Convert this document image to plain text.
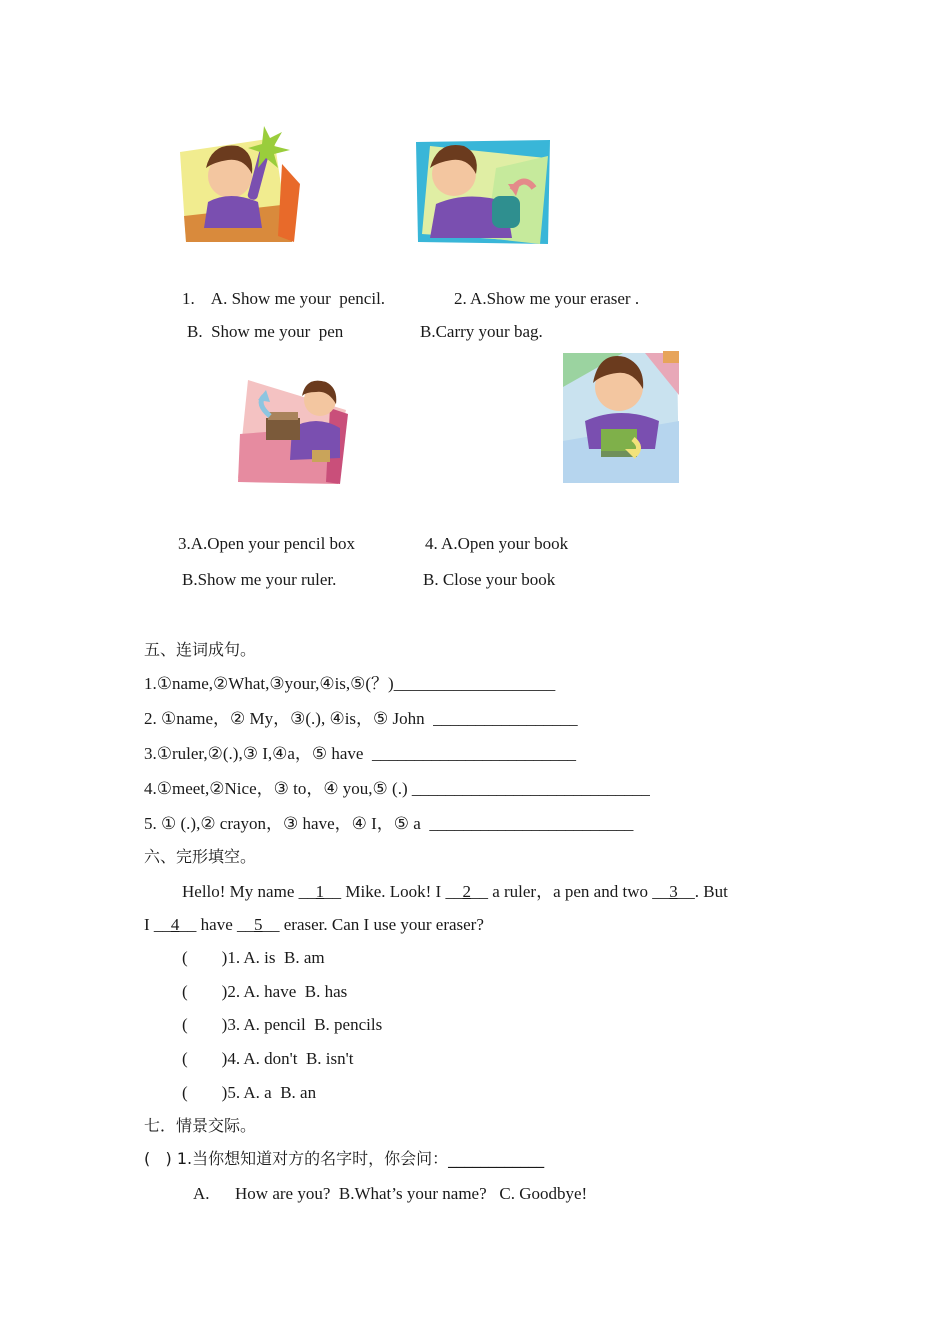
1.    A. Show me your  pencil.
B.  Show me your  pen
2. A.Show me your eraser .
B.Carry your bag.
3.A.Open your pencil box
B.Show me your ruler.
4. A.Open your book
B. Close your book
五、连词成句。
1.①name,②What,③your,④is,⑤(？)___________________
2. ①name，② My，③(.), ④is，⑤ John  _________________
3.①ruler,②(.),③ I,④a，⑤ have  ________________________
4.①meet,②Nice，③ to，④ you,⑤ (.) ____________________________
5. ① (.),② crayon，③ have，④ I，⑤ a  ________________________
六、完形填空。
Hello! My name __1__ Mike. Look! I __2__ a ruler，a pen and two __3__. But
I __4__ have __5__ eraser. Can I use your eraser?
(        )1. A. is  B. am
(        )2. A. have  B. has
(        )3. A. pencil  B. pencils
(        )4. A. don't  B. isn't
(        )5. A. a  B. an
七．情景交际。
(   ) 1.当你想知道对方的名字时，你会问：____________
A.      How are you?  B.What’s your name?   C. Goodbye!
